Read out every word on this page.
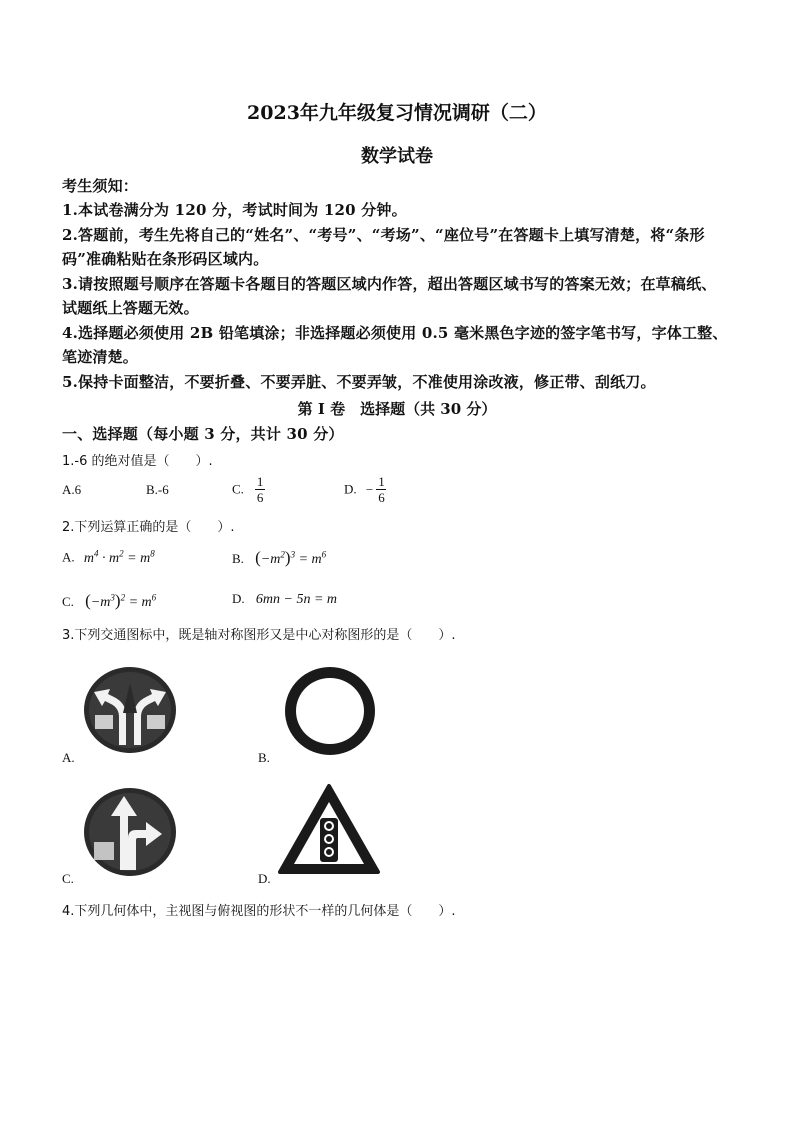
2023年九年级复习情况调研（二）
数学试卷
考生须知：
1.本试卷满分为 120 分，考试时间为 120 分钟。
2.答题前，考生先将自己的“姓名”、“考号”、“考场”、“座位号”在答题卡上填写清楚，将“条形
码”准确粘贴在条形码区域内。
3.请按照题号顺序在答题卡各题目的答题区域内作答，超出答题区域书写的答案无效；在草稿纸、
试题纸上答题无效。
4.选择题必须使用 2B 铅笔填涂；非选择题必须使用 0.5 毫米黑色字迹的签字笔书写，字体工整、
笔迹清楚。
5.保持卡面整洁，不要折叠、不要弄脏、不要弄皱，不准使用涂改液，修正带、刮纸刀。
第 I 卷　选择题（共 30 分）
一、选择题（每小题 3 分，共计 30 分）
1.-6 的绝对值是（　　）.
A.6	B.-6	C. $\frac{1}{6}$	D. − $\frac{1}{6}$
2.下列运算正确的是（　　）.
A. $m^4 \cdot m^2 = m^8$	B. $(-m^2)^3 = m^6$
C. $(-m^3)^2 = m^6$	D. 6mn − 5n = m
3.下列交通图标中，既是轴对称图形又是中心对称图形的是（　　）.
A.	B.
C.	D.
4.下列几何体中，主视图与俯视图的形状不一样的几何体是（　　）.
